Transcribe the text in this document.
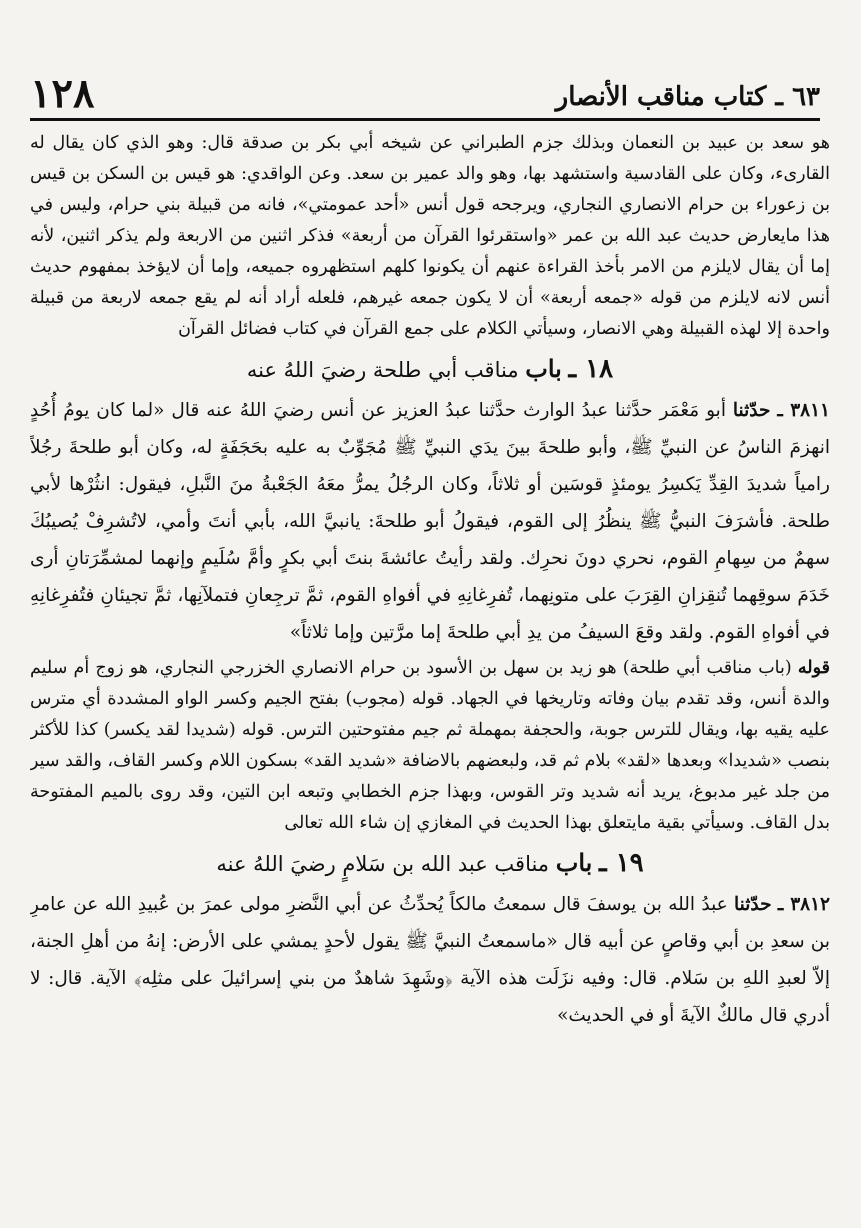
١٢٨	٦٣ ـ كتاب مناقب الأنصار

هو سعد بن عبيد بن النعمان وبذلك جزم الطبراني عن شيخه أبي بكر بن صدقة قال: وهو الذي كان يقال له القارىء، وكان على القادسية واستشهد بها، وهو والد عمير بن سعد. وعن الواقدي: هو قيس بن السكن بن قيس بن زعوراء بن حرام الانصاري النجاري، ويرجحه قول أنس «أحد عمومتي»، فانه من قبيلة بني حرام، وليس في هذا مايعارض حديث عبد الله بن عمر «واستقرئوا القرآن من أربعة» فذكر اثنين من الاربعة ولم يذكر اثنين، لأنه إما أن يقال لايلزم من الامر بأخذ القراءة عنهم أن يكونوا كلهم استظهروه جميعه، وإما أن لايؤخذ بمفهوم حديث أنس لانه لايلزم من قوله «جمعه أربعة» أن لا يكون جمعه غيرهم، فلعله أراد أنه لم يقع جمعه لاربعة من قبيلة واحدة إلا لهذه القبيلة وهي الانصار، وسيأتي الكلام على جمع القرآن في كتاب فضائل القرآن

١٨ ـ باب مناقب أبي طلحة رضيَ اللهُ عنه

٣٨١١ ـ حدّثنا أبو مَعْمَر حدَّثنا عبدُ الوارث حدَّثنا عبدُ العزيز عن أنس رضيَ اللهُ عنه قال «لما كان يومُ أُحُدٍ انهزمَ الناسُ عن النبيِّ ﷺ، وأبو طلحةَ بينَ يدَي النبيِّ ﷺ مُجَوِّبٌ به عليه بحَجَفَةٍ له، وكان أبو طلحةَ رجُلاً رامياً شديدَ القِدِّ يَكسِرُ يومئذٍ قوسَين أو ثلاثاً، وكان الرجُلُ يمرُّ معَهُ الجَعْبةُ منَ النَّبلِ، فيقول: انثُرْها لأبي طلحة. فأشرَفَ النبيُّ ﷺ ينظُرُ إلى القوم، فيقولُ أبو طلحةَ: يانبيَّ الله، بأبي أنتَ وأمي، لاتُشرِفْ يُصيبُكَ سهمٌ من سِهامِ القوم، نحري دونَ نحرِك. ولقد رأيتُ عائشةَ بنتَ أبي بكرٍ وأمَّ سُلَيمٍ وإنهما لمشمِّرَتانِ أرى خَدَمَ سوقِهما تُنقِزانِ القِرَبَ على متونِهما، تُفرِغانِهِ في أفواهِ القوم، ثمَّ ترجِعانِ فتملآنِها، ثمَّ تجيئانِ فتُفرِغانِهِ في أفواهِ القوم. ولقد وقعَ السيفُ من يدِ أبي طلحةَ إما مرَّتين وإما ثلاثاً»

قوله (باب مناقب أبي طلحة) هو زيد بن سهل بن الأسود بن حرام الانصاري الخزرجي النجاري، هو زوج أم سليم والدة أنس، وقد تقدم بيان وفاته وتاريخها في الجهاد. قوله (مجوب) بفتح الجيم وكسر الواو المشددة أي مترس عليه يقيه بها، ويقال للترس جوبة، والحجفة بمهملة ثم جيم مفتوحتين الترس. قوله (شديدا لقد يكسر) كذا للأكثر بنصب «شديدا» وبعدها «لقد» بلام ثم قد، ولبعضهم بالاضافة «شديد القد» بسكون اللام وكسر القاف، والقد سير من جلد غير مدبوغ، يريد أنه شديد وتر القوس، وبهذا جزم الخطابي وتبعه ابن التين، وقد روى بالميم المفتوحة بدل القاف. وسيأتي بقية مايتعلق بهذا الحديث في المغازي إن شاء الله تعالى

١٩ ـ باب مناقب عبد الله بن سَلامٍ رضيَ اللهُ عنه

٣٨١٢ ـ حدّثنا عبدُ الله بن يوسفَ قال سمعتُ مالكاً يُحدِّثُ عن أبي النَّضرِ مولى عمرَ بن عُبيدِ الله عن عامرِ بن سعدِ بن أبي وقاصٍ عن أبيه قال «ماسمعتُ النبيَّ ﷺ يقول لأحدٍ يمشي على الأرض: إنهُ من أهلِ الجنة، إلاّ لعبدِ اللهِ بن سَلام. قال: وفيه نزَلَت هذه الآية ﴿وشَهِدَ شاهدٌ من بني إسرائيلَ على مثلِه﴾ الآية. قال: لا أدري قال مالكٌ الآيةَ أو في الحديث»
